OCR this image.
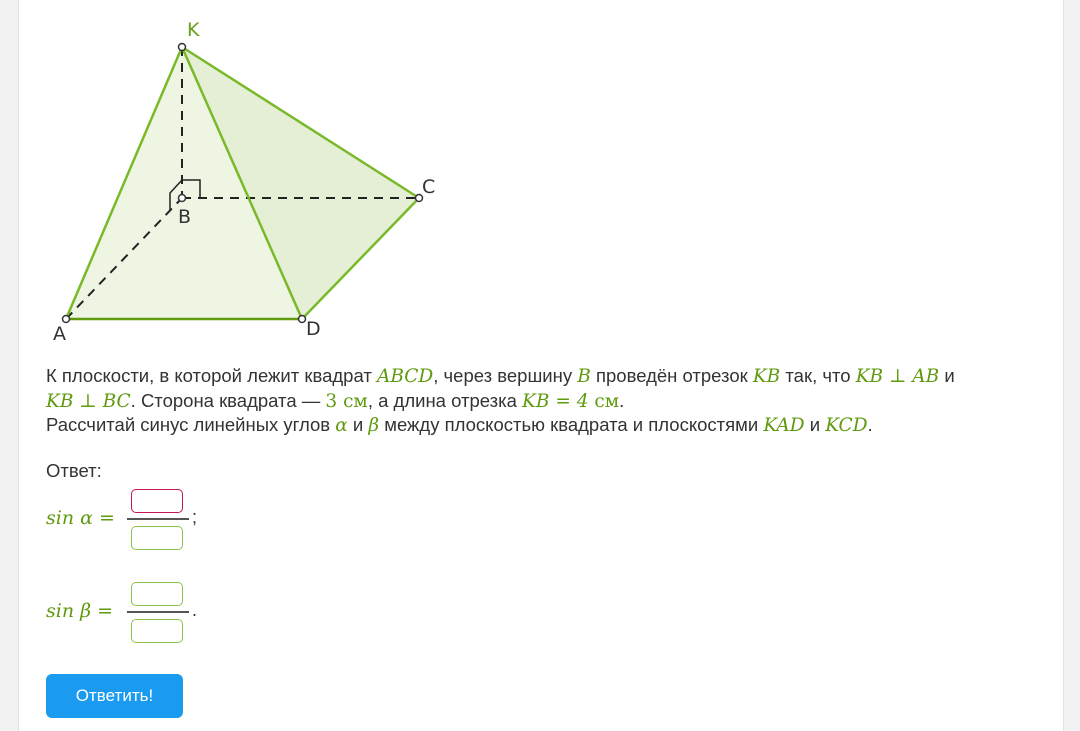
K
B
C
A	D
К плоскости, в которой лежит квадрат ABCD, через вершину B проведён отрезок KB так, что KB ⊥ AB и
KB ⊥ BC. Сторона квадрата — 3 см, а длина отрезка KB = 4 см.
Рассчитай синус линейных углов α и β между плоскостью квадрата и плоскостями KAD и KCD.
Ответ:
sin α =	;
sin β =	.
Ответить!
